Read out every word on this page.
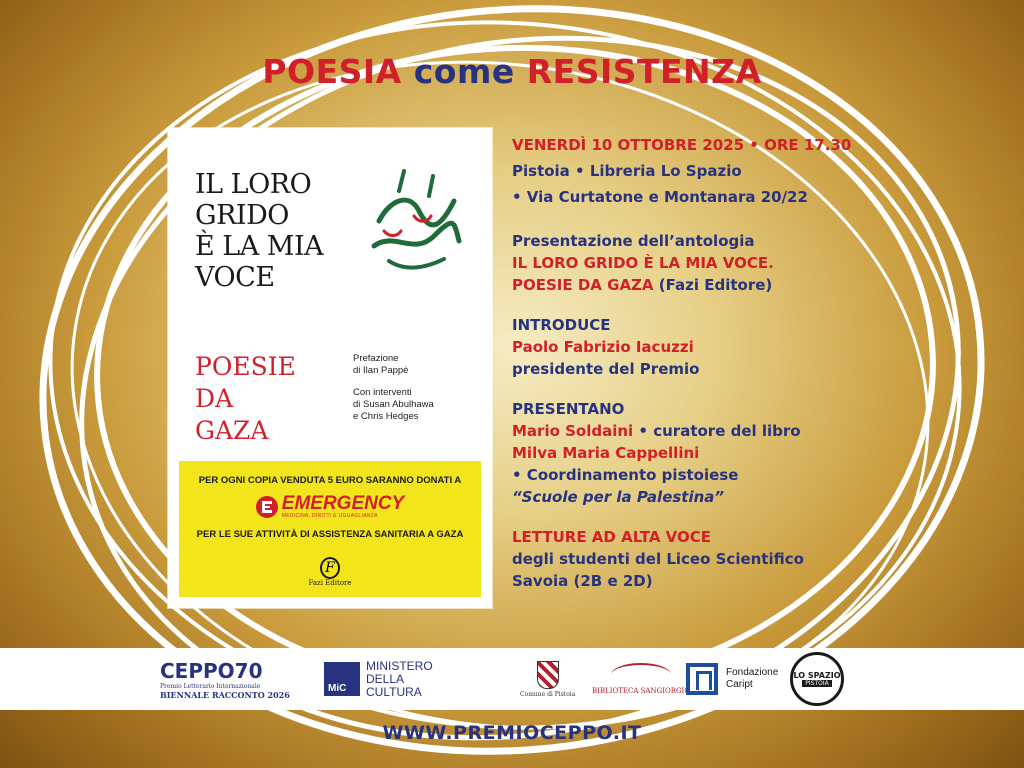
POESIA come RESISTENZA
IL LORO
GRIDO
È LA MIA
VOCE
POESIE
DA
GAZA
Prefazione
di Ilan Pappé
Con interventi
di Susan Abulhawa
e Chris Hedges
PER OGNI COPIA VENDUTA 5 EURO SARANNO DONATI A
EMERGENCY
MEDICINA, DIRITTI E UGUAGLIANZA
PER LE SUE ATTIVITÀ DI ASSISTENZA SANITARIA A GAZA
F
Fazi Editore
VENERDÌ 10 OTTOBRE 2025 • ORE 17.30
Pistoia • Libreria Lo Spazio
• Via Curtatone e Montanara 20/22
Presentazione dell’antologia
IL LORO GRIDO È LA MIA VOCE.
POESIE DA GAZA (Fazi Editore)
INTRODUCE
Paolo Fabrizio Iacuzzi
presidente del Premio
PRESENTANO
Mario Soldaini • curatore del libro
Milva Maria Cappellini
• Coordinamento pistoiese
“Scuole per la Palestina”
LETTURE AD ALTA VOCE
degli studenti del Liceo Scientifico
Savoia (2B e 2D)
CEPPO70
Premio Letterario Internazionale
BIENNALE RACCONTO 2026
MiC
MINISTERO
DELLA
CULTURA	Comune di Pistoia BIBLIOTECA SANGIORGIO
Fondazione
Caript
LO SPAZIO
PISTOIA
WWW.PREMIOCEPPO.IT
